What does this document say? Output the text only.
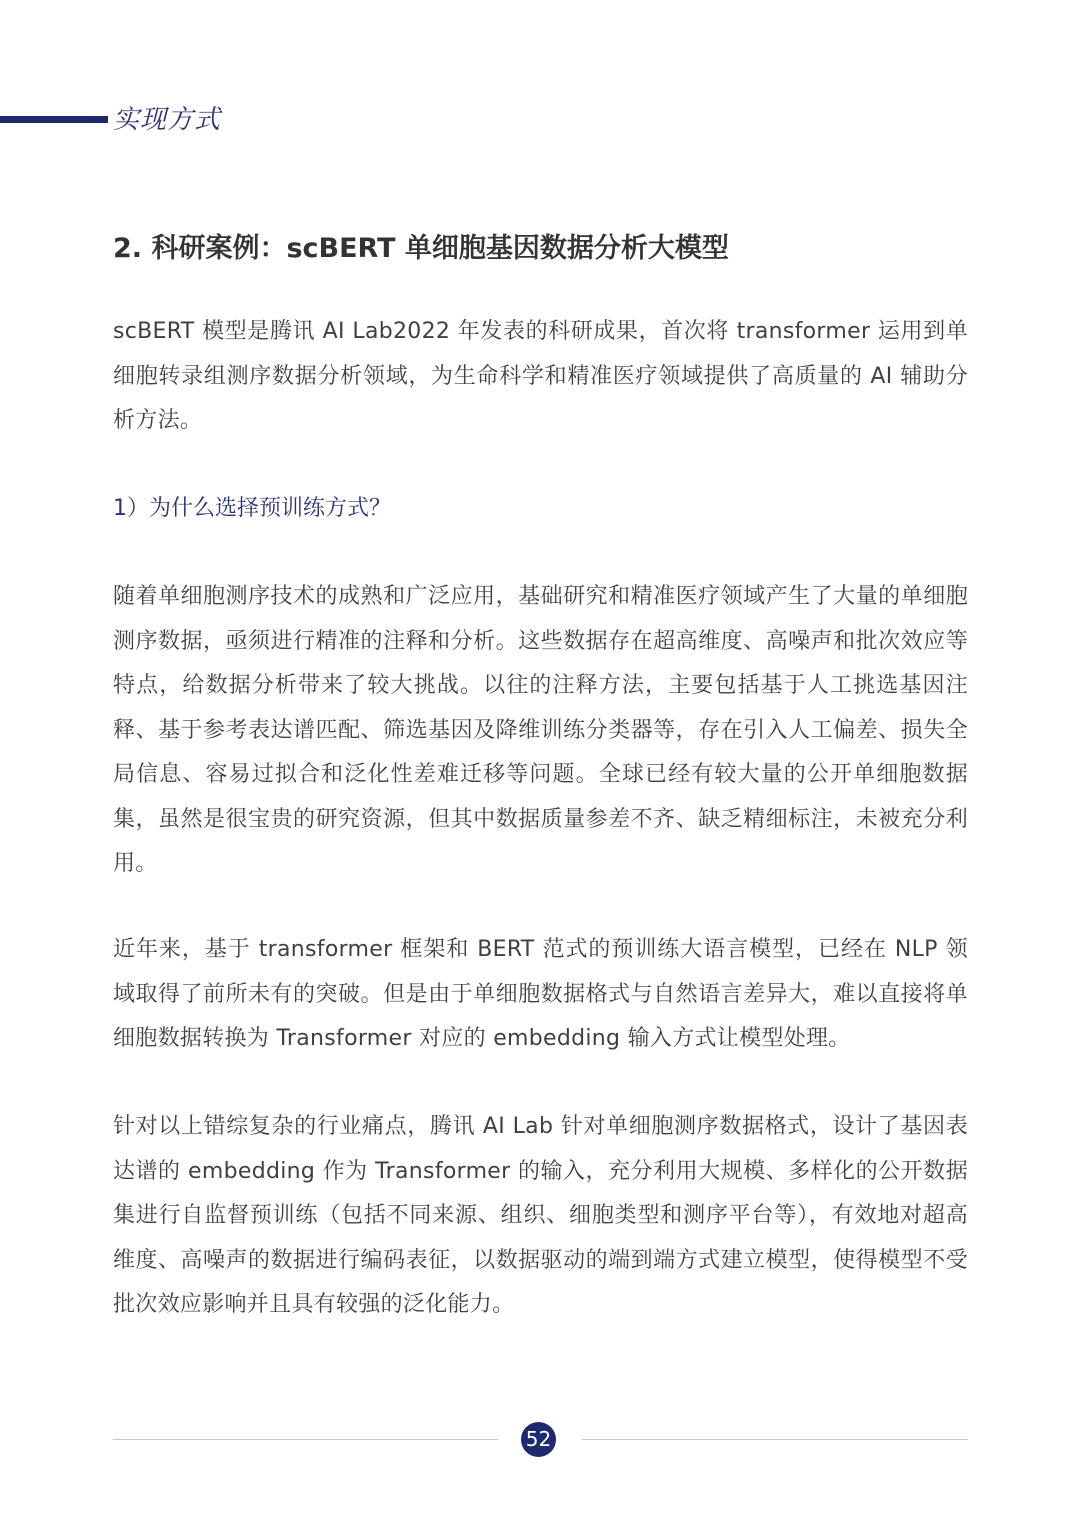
实现方式
2. 科研案例：scBERT 单细胞基因数据分析大模型
scBERT 模型是腾讯 AI Lab2022 年发表的科研成果，首次将 transformer 运用到单细胞转录组测序数据分析领域，为生命科学和精准医疗领域提供了高质量的 AI 辅助分析方法。
1）为什么选择预训练方式？
随着单细胞测序技术的成熟和广泛应用，基础研究和精准医疗领域产生了大量的单细胞测序数据，亟须进行精准的注释和分析。这些数据存在超高维度、高噪声和批次效应等特点，给数据分析带来了较大挑战。以往的注释方法，主要包括基于人工挑选基因注释、基于参考表达谱匹配、筛选基因及降维训练分类器等，存在引入人工偏差、损失全局信息、容易过拟合和泛化性差难迁移等问题。全球已经有较大量的公开单细胞数据集，虽然是很宝贵的研究资源，但其中数据质量参差不齐、缺乏精细标注，未被充分利用。
近年来，基于 transformer 框架和 BERT 范式的预训练大语言模型，已经在 NLP 领域取得了前所未有的突破。但是由于单细胞数据格式与自然语言差异大，难以直接将单细胞数据转换为 Transformer 对应的 embedding 输入方式让模型处理。
针对以上错综复杂的行业痛点，腾讯 AI Lab 针对单细胞测序数据格式，设计了基因表达谱的 embedding 作为 Transformer 的输入，充分利用大规模、多样化的公开数据集进行自监督预训练（包括不同来源、组织、细胞类型和测序平台等），有效地对超高维度、高噪声的数据进行编码表征，以数据驱动的端到端方式建立模型，使得模型不受批次效应影响并且具有较强的泛化能力。
52
